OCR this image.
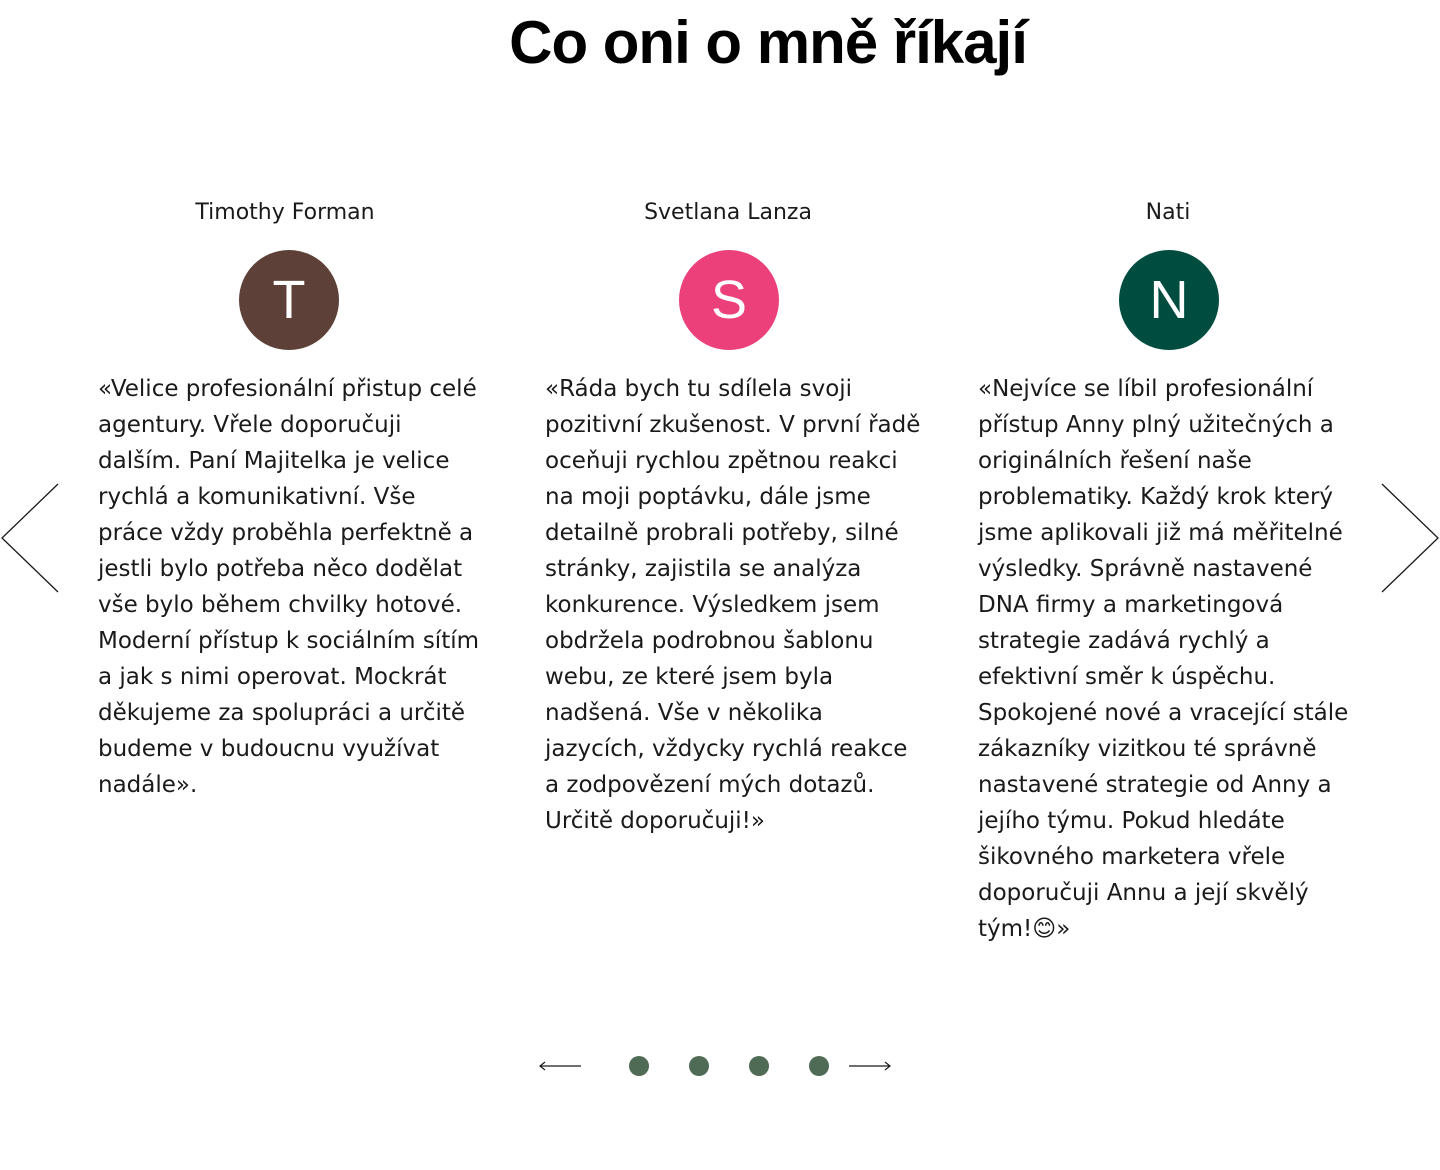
Co oni o mně říkají
Timothy Forman
T

«Velice profesionální přistup celé agentury. Vřele doporučuji dalším. Paní Majitelka je velice rychlá a komunikativní. Vše práce vždy proběhla perfektně a jestli bylo potřeba něco dodělat vše bylo během chvilky hotové. Moderní přístup k sociálním sítím a jak s nimi operovat. Mockrát děkujeme za spolupráci a určitě budeme v budoucnu využívat nadále».

Svetlana Lanza
S

«Ráda bych tu sdílela svoji pozitivní zkušenost. V první řadě oceňuji rychlou zpětnou reakci na moji poptávku, dále jsme detailně probrali potřeby, silné stránky, zajistila se analýza konkurence. Výsledkem jsem obdržela podrobnou šablonu webu, ze které jsem byla nadšená. Vše v několika jazycích, vždycky rychlá reakce a zodpovězení mých dotazů. Určitě doporučuji!»

Nati
N

«Nejvíce se líbil profesionální přístup Anny plný užitečných a originálních řešení naše problematiky. Každý krok který jsme aplikovali již má měřitelné výsledky. Správně nastavené DNA firmy a marketingová strategie zadává rychlý a efektivní směr k úspěchu. Spokojené nové a vracející stále zákazníky vizitkou té správně nastavené strategie od Anny a jejího týmu. Pokud hledáte šikovného marketera vřele doporučuji Annu a její skvělý tým!😊»
